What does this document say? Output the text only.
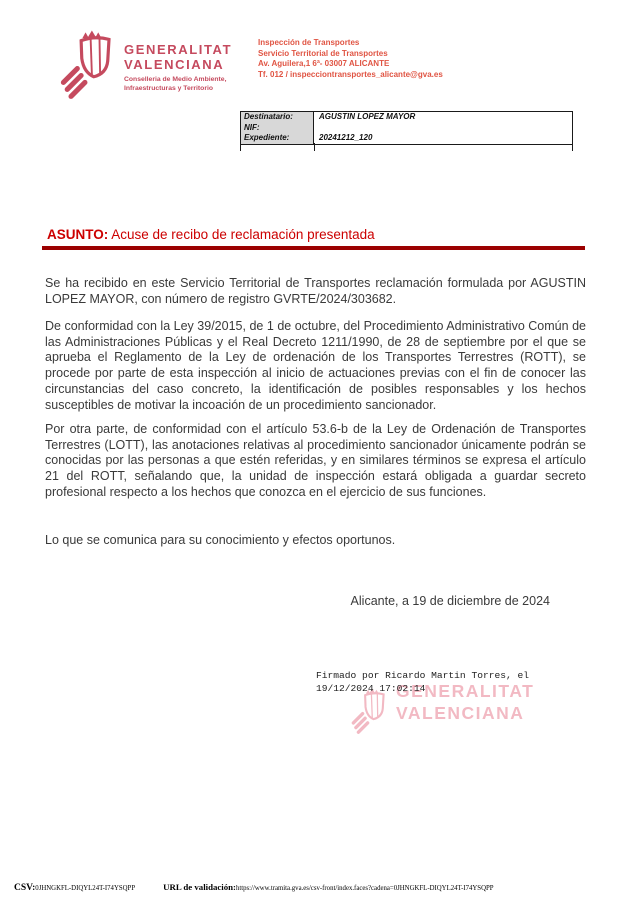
GENERALITAT
VALENCIANA
Conselleria de Medio Ambiente,
Infraestructuras y Territorio
Inspección de Transportes
Servicio Territorial de Transportes
Av. Aguilera,1 6ª- 03007 ALICANTE
Tf. 012 / inspecciontransportes_alicante@gva.es
Destinatario:	AGUSTIN LOPEZ MAYOR
NIF:
Expediente:	20241212_120
ASUNTO: Acuse de recibo de reclamación presentada
Se ha recibido en este Servicio Territorial de Transportes reclamación formulada por AGUSTIN LOPEZ MAYOR, con número de registro GVRTE/2024/303682.
De conformidad con la Ley 39/2015, de 1 de octubre, del Procedimiento Administrativo Común de las Administraciones Públicas y el Real Decreto 1211/1990, de 28 de septiembre por el que se aprueba el Reglamento de la Ley de ordenación de los Transportes Terrestres (ROTT), se procede por parte de esta inspección al inicio de actuaciones previas con el fin de conocer las circunstancias del caso concreto, la identificación de posibles responsables y los hechos susceptibles de motivar la incoación de un procedimiento sancionador.
Por otra parte, de conformidad con el artículo 53.6-b de la Ley de Ordenación de Transportes Terrestres (LOTT), las anotaciones relativas al procedimiento sancionador únicamente podrán se conocidas por las personas a que estén referidas, y en similares términos se expresa el artículo 21 del ROTT, señalando que, la unidad de inspección estará obligada a guardar secreto profesional respecto a los hechos que conozca en el ejercicio de sus funciones.
Lo que se comunica para su conocimiento y efectos oportunos.
Alicante, a 19 de diciembre de 2024
GENERALITAT
VALENCIANA
Firmado por Ricardo Martin Torres, el
19/12/2024 17:02:14
CSV:0JHNGKFL-DIQYL24T-I74YSQPP	URL de validación:https://www.tramita.gva.es/csv-front/index.faces?cadena=0JHNGKFL-DIQYL24T-I74YSQPP
